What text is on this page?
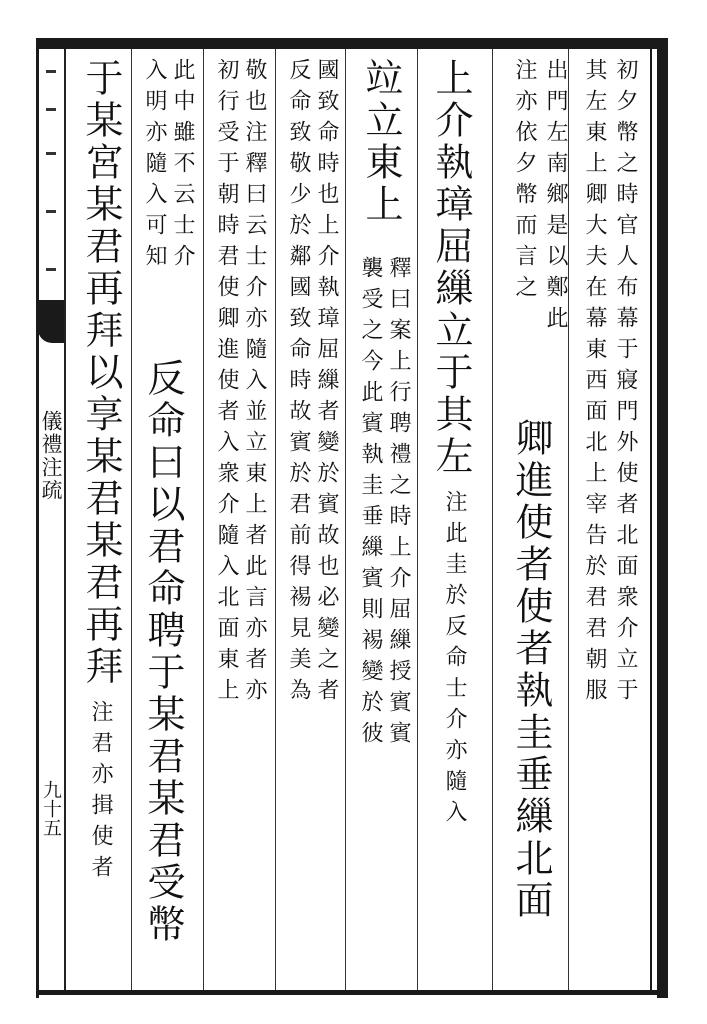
儀禮注疏
九十五
初夕幣之時官人布幕于寢門外使者北面衆介立于
其左東上卿大夫在幕東西面北上宰告於君君朝服
出門左南鄉是以鄭此
注亦依夕幣而言之
卿進使者使者執圭垂繅北面
上介執璋屈繅立于其左
注此圭於反命士介亦隨入
竝立東上
釋曰案上行聘禮之時上介屈繅授賓賓
襲受之今此賓執圭垂繅賓則裼變於彼
國致命時也上介執璋屈繅者變於賓故也必變之者
反命致敬少於鄰國致命時故賓於君前得裼見美為
敬也注釋曰云士介亦隨入並立東上者此言亦者亦
初行受于朝時君使卿進使者入衆介隨入北面東上
此中雖不云士介
入明亦隨入可知
反命曰以君命聘于某君某君受幣
于某宮某君再拜以享某君某君再拜
注君亦揖使者
